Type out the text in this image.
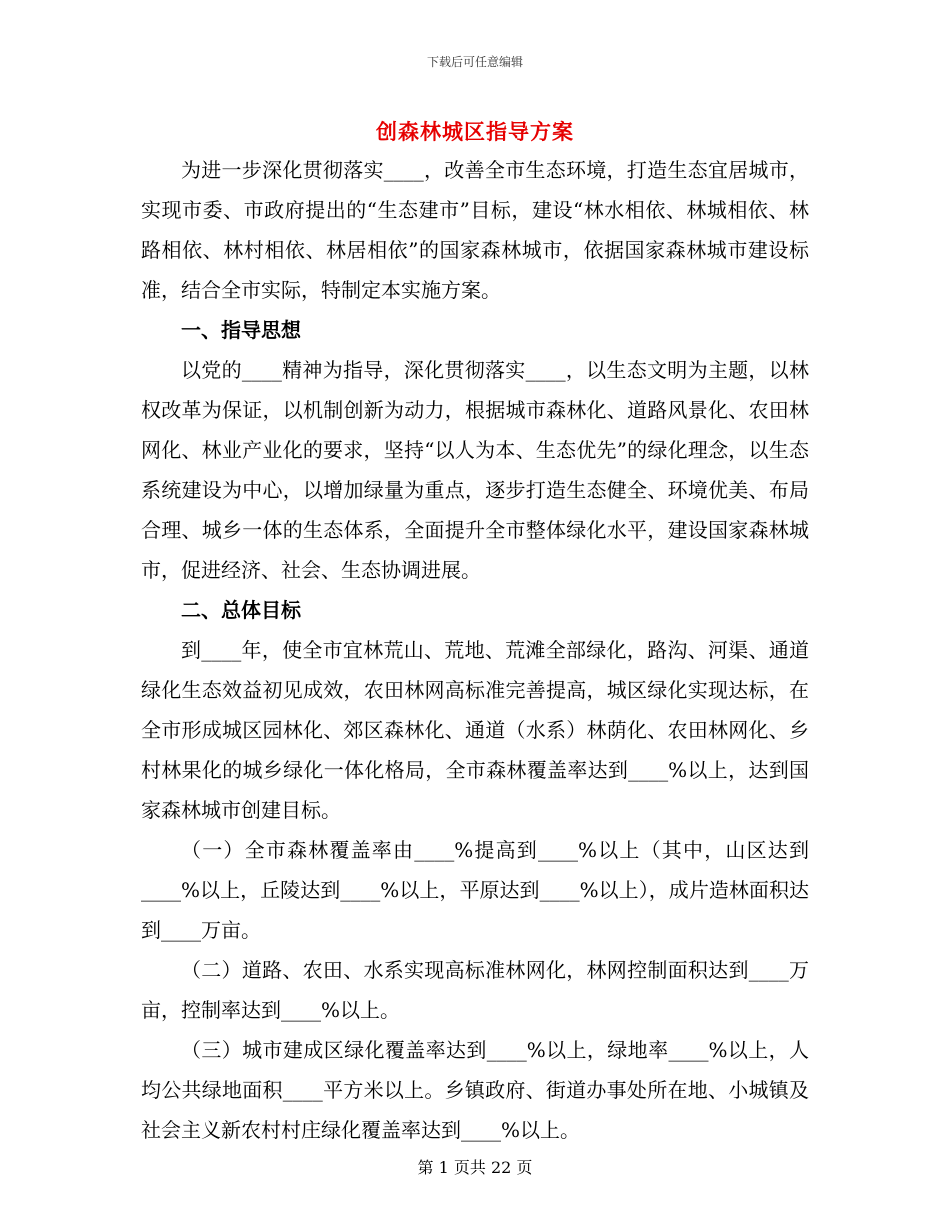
下载后可任意编辑
创森林城区指导方案

为进一步深化贯彻落实____，改善全市生态环境，打造生态宜居城市，实现市委、市政府提出的“生态建市”目标，建设“林水相依、林城相依、林路相依、林村相依、林居相依”的国家森林城市，依据国家森林城市建设标准，结合全市实际，特制定本实施方案。

一、指导思想

以党的____精神为指导，深化贯彻落实____，以生态文明为主题，以林权改革为保证，以机制创新为动力，根据城市森林化、道路风景化、农田林网化、林业产业化的要求，坚持“以人为本、生态优先”的绿化理念，以生态系统建设为中心，以增加绿量为重点，逐步打造生态健全、环境优美、布局合理、城乡一体的生态体系，全面提升全市整体绿化水平，建设国家森林城市，促进经济、社会、生态协调进展。

二、总体目标

到____年，使全市宜林荒山、荒地、荒滩全部绿化，路沟、河渠、通道绿化生态效益初见成效，农田林网高标准完善提高，城区绿化实现达标，在全市形成城区园林化、郊区森林化、通道（水系）林荫化、农田林网化、乡村林果化的城乡绿化一体化格局，全市森林覆盖率达到____%以上，达到国家森林城市创建目标。

（一）全市森林覆盖率由____%提高到____%以上（其中，山区达到____%以上，丘陵达到____%以上，平原达到____%以上），成片造林面积达到____万亩。

（二）道路、农田、水系实现高标准林网化，林网控制面积达到____万亩，控制率达到____%以上。

（三）城市建成区绿化覆盖率达到____%以上，绿地率____%以上，人均公共绿地面积____平方米以上。乡镇政府、街道办事处所在地、小城镇及社会主义新农村村庄绿化覆盖率达到____%以上。

第 1 页共 22 页
